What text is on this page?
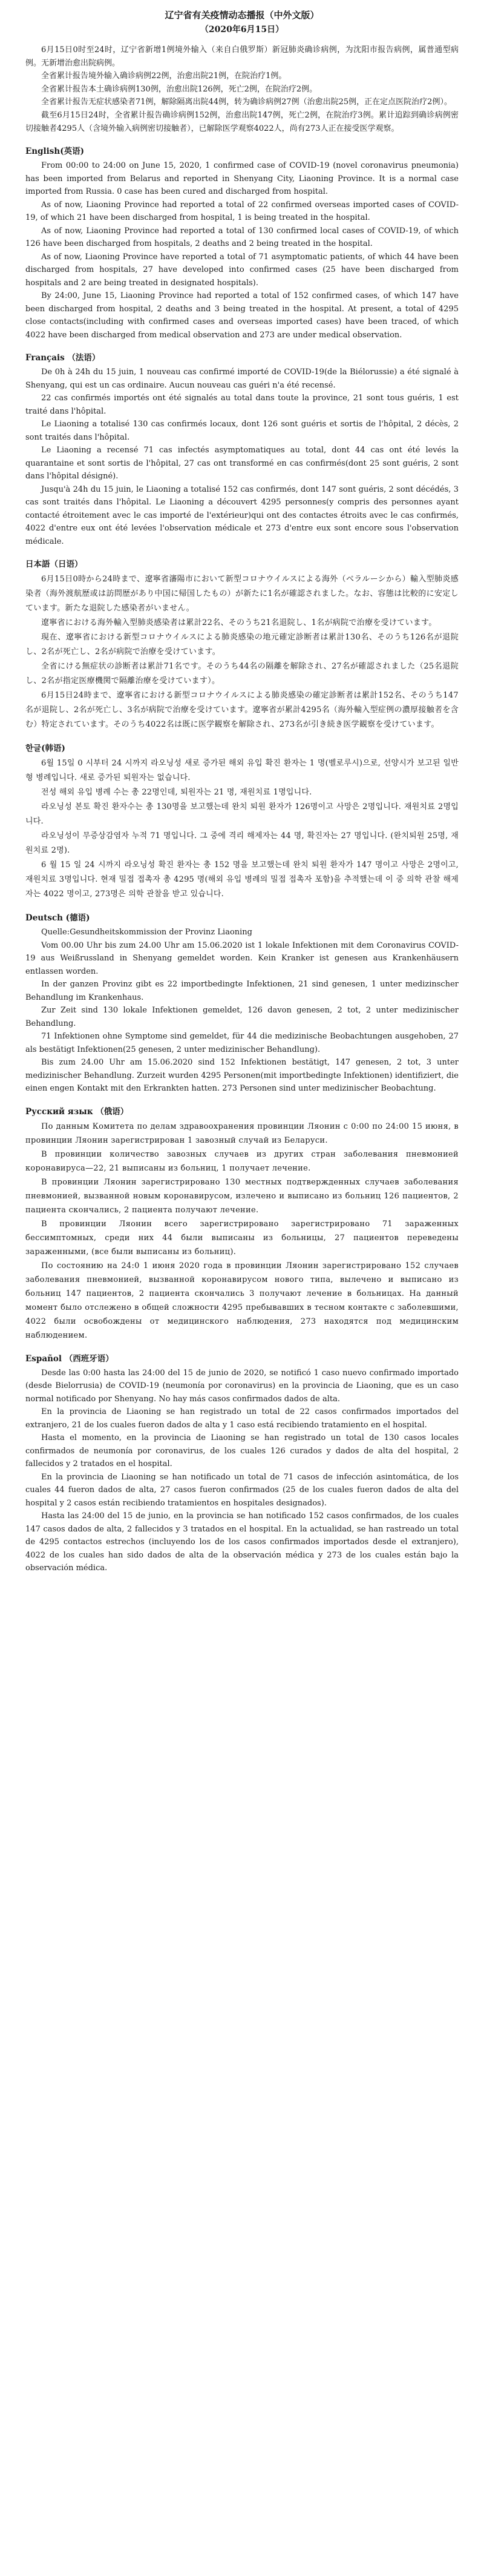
辽宁省有关疫情动态播报（中外文版）
（2020年6月15日）

6月15日0时至24时，辽宁省新增1例境外输入（来自白俄罗斯）新冠肺炎确诊病例，为沈阳市报告病例，属普通型病例。无新增治愈出院病例。

全省累计报告境外输入确诊病例22例，治愈出院21例，在院治疗1例。

全省累计报告本土确诊病例130例，治愈出院126例，死亡2例，在院治疗2例。

全省累计报告无症状感染者71例，解除隔离出院44例，转为确诊病例27例（治愈出院25例，正在定点医院治疗2例）。

截至6月15日24时，全省累计报告确诊病例152例，治愈出院147例，死亡2例，在院治疗3例。累计追踪到确诊病例密切接触者4295人（含境外输入病例密切接触者），已解除医学观察4022人，尚有273人正在接受医学观察。

English(英语)

From 00:00 to 24:00 on June 15, 2020, 1 confirmed case of COVID-19 (novel coronavirus pneumonia) has been imported from Belarus and reported in Shenyang City, Liaoning Province. It is a normal case imported from Russia. 0 case has been cured and discharged from hospital.

As of now, Liaoning Province had reported a total of 22 confirmed overseas imported cases of COVID-19, of which 21 have been discharged from hospital, 1 is being treated in the hospital.

As of now, Liaoning Province had reported a total of 130 confirmed local cases of COVID-19, of which 126 have been discharged from hospitals, 2 deaths and 2 being treated in the hospital.

As of now, Liaoning Province have reported a total of 71 asymptomatic patients, of which 44 have been discharged from hospitals, 27 have developed into confirmed cases (25 have been discharged from hospitals and 2 are being treated in designated hospitals).

By 24:00, June 15, Liaoning Province had reported a total of 152 confirmed cases, of which 147 have been discharged from hospital, 2 deaths and 3 being treated in the hospital. At present, a total of 4295 close contacts(including with confirmed cases and overseas imported cases) have been traced, of which 4022 have been discharged from medical observation and 273 are under medical observation.

Français （法语）

De 0h à 24h du 15 juin, 1 nouveau cas confirmé importé de COVID-19(de la Biélorussie) a été signalé à Shenyang, qui est un cas ordinaire. Aucun nouveau cas guéri n'a été recensé.

22 cas confirmés importés ont été signalés au total dans toute la province, 21 sont tous guéris, 1 est traité dans l'hôpital.

Le Liaoning a totalisé 130 cas confirmés locaux, dont 126 sont guéris et sortis de l'hôpital, 2 décès, 2 sont traités dans l'hôpital.

Le Liaoning a recensé 71 cas infectés asymptomatiques au total, dont 44 cas ont été levés la quarantaine et sont sortis de l'hôpital, 27 cas ont transformé en cas confirmés(dont 25 sont guéris, 2 sont dans l'hôpital désigné).

Jusqu'à 24h du 15 juin, le Liaoning a totalisé 152 cas confirmés, dont 147 sont guéris, 2 sont décédés, 3 cas sont traités dans l'hôpital. Le Liaoning a découvert 4295 personnes(y compris des personnes ayant contacté étroitement avec le cas importé de l'extérieur)qui ont des contactes étroits avec le cas confirmés, 4022 d'entre eux ont été levées l'observation médicale et 273 d'entre eux sont encore sous l'observation médicale.

日本語（日语）

6月15日0時から24時まで、遼寧省瀋陽市において新型コロナウイルスによる海外（ベラルーシから）輸入型肺炎感染者（海外渡航歴或は訪問歴があり中国に帰国したもの）が新たに1名が確認されました。なお、容態は比較的に安定しています。新たな退院した感染者がいません。

遼寧省における海外輸入型肺炎感染者は累計22名、そのうち21名退院し、1名が病院で治療を受けています。

現在、遼寧省における新型コロナウイルスによる肺炎感染の地元確定診断者は累計130名、そのうち126名が退院し、2名が死亡し、2名が病院で治療を受けています。

全省にける無症状の診断者は累計71名です。そのうち44名の隔離を解除され、27名が確認されました（25名退院し、2名が指定医療機関で隔離治療を受けています）。

6月15日24時まで、遼寧省における新型コロナウイルスによる肺炎感染の確定診断者は累計152名、そのうち147名が退院し、2名が死亡し、3名が病院で治療を受けています。遼寧省が累計4295名（海外輸入型症例の濃厚接触者を含む）特定されています。そのうち4022名は既に医学観察を解除され、273名が引き続き医学観察を受けています。

한글(韩语)

6월 15일 0 시부터 24 시까지 라오닝성 새로 증가된 해외 유입 확진 환자는 1 명(벨로루시)으로, 선양시가 보고된 일반형 병례입니다. 새로 증가된 퇴원자는 없습니다.

전성 해외 유입 병례 수는 총 22명인데, 퇴원자는 21 명, 재원치료 1명입니다.

라오닝성 본토 확진 환자수는 총 130명을 보고했는데 완치 퇴원 환자가 126명이고 사망은 2명입니다. 재원치료 2명입니다.

라오닝성이 무증상감염자 누적 71 명입니다. 그 중에 격리 해제자는 44 명, 확진자는 27 명입니다. (완치퇴원 25명, 재원치료 2명).

6 월 15 일 24 시까지 라오닝성 확진 환자는 총 152 명을 보고했는데 완치 퇴원 환자가 147 명이고 사망은 2명이고, 재원치료 3명입니다. 현재 밀접 접촉자 총 4295 명(해외 유입 병례의 밀접 접촉자 포함)을 추적했는데 이 중 의학 관찰 해제자는 4022 명이고, 273명은 의학 관찰을 받고 있습니다.

Deutsch (德语)

Quelle:Gesundheitskommission der Provinz Liaoning

Vom 00.00 Uhr bis zum 24.00 Uhr am 15.06.2020 ist 1 lokale Infektionen mit dem Coronavirus COVID-19 aus Weißrussland in Shenyang gemeldet worden. Kein Kranker ist genesen aus Krankenhäusern entlassen worden.

In der ganzen Provinz gibt es 22 importbedingte Infektionen, 21 sind genesen, 1 unter medizinscher Behandlung im Krankenhaus.

Zur Zeit sind 130 lokale Infektionen gemeldet, 126 davon genesen, 2 tot, 2 unter medizinischer Behandlung.

71 Infektionen ohne Symptome sind gemeldet, für 44 die medizinische Beobachtungen ausgehoben, 27 als bestätigt Infektionen(25 genesen, 2 unter medizinischer Behandlung).

Bis zum 24.00 Uhr am 15.06.2020 sind 152 Infektionen bestätigt, 147 genesen, 2 tot, 3 unter medizinischer Behandlung. Zurzeit wurden 4295 Personen(mit importbedingte Infektionen) identifiziert, die einen engen Kontakt mit den Erkrankten hatten. 273 Personen sind unter medizinischer Beobachtung.

Русский язык （俄语）

По данным Комитета по делам здравоохранения провинции Ляонин с 0:00 по 24:00 15 июня, в провинции Ляонин зарегистрирован 1 завозный случай из Беларуси.

В провинции количество завозных случаев из других стран заболевания пневмонией коронавируса—22, 21 выписаны из больниц, 1 получает лечение.

В провинции Ляонин зарегистрировано 130 местных подтвержденных случаев заболевания пневмонией, вызванной новым коронавирусом, излечено и выписано из больниц 126 пациентов, 2 пациента скончались, 2 пациента получают лечение.

В провинции Ляонин всего зарегистрировано зарегистрировано 71 зараженных бессимптомных, среди них 44 были выписаны из больницы, 27 пациентов переведены зараженными, (все были выписаны из больниц).

По состоянию на 24:0 1 июня 2020 года в провинции Ляонин зарегистрировано 152 случаев заболевания пневмонией, вызванной коронавирусом нового типа, вылечено и выписано из больниц 147 пациентов, 2 пациента скончались 3 получают лечение в больницах. На данный момент было отслежено в общей сложности 4295 пребывавших в тесном контакте с заболевшими, 4022 были освобождены от медицинского наблюдения, 273 находятся под медицинским наблюдением.

Español （西班牙语）

Desde las 0:00 hasta las 24:00 del 15 de junio de 2020, se notificó 1 caso nuevo confirmado importado (desde Bielorrusia) de COVID-19 (neumonía por coronavirus) en la provincia de Liaoning, que es un caso normal notificado por Shenyang. No hay más casos confirmados dados de alta.

En la provincia de Liaoning se han registrado un total de 22 casos confirmados importados del extranjero, 21 de los cuales fueron dados de alta y 1 caso está recibiendo tratamiento en el hospital.

Hasta el momento, en la provincia de Liaoning se han registrado un total de 130 casos locales confirmados de neumonía por coronavirus, de los cuales 126 curados y dados de alta del hospital, 2 fallecidos y 2 tratados en el hospital.

En la provincia de Liaoning se han notificado un total de 71 casos de infección asintomática, de los cuales 44 fueron dados de alta, 27 casos fueron confirmados (25 de los cuales fueron dados de alta del hospital y 2 casos están recibiendo tratamientos en hospitales designados).

Hasta las 24:00 del 15 de junio, en la provincia se han notificado 152 casos confirmados, de los cuales 147 casos dados de alta, 2 fallecidos y 3 tratados en el hospital. En la actualidad, se han rastreado un total de 4295 contactos estrechos (incluyendo los de los casos confirmados importados desde el extranjero), 4022 de los cuales han sido dados de alta de la observación médica y 273 de los cuales están bajo la observación médica.
